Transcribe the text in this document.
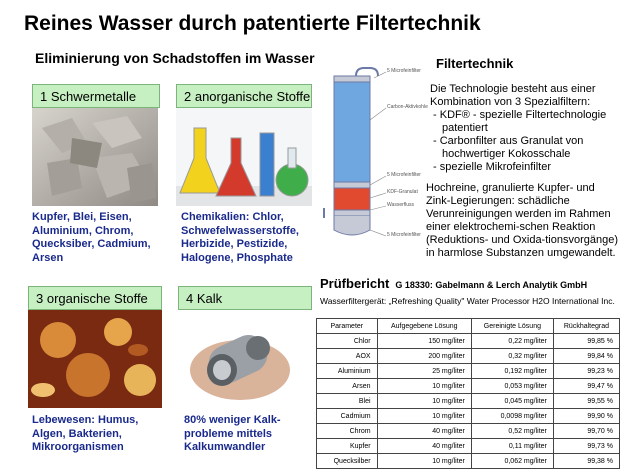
Reines Wasser durch patentierte Filtertechnik
Eliminierung von Schadstoffen im Wasser
1 Schwermetalle
Kupfer, Blei, Eisen, Aluminium, Chrom, Quecksiber, Cadmium, Arsen
2 anorganische Stoffe
Chemikalien: Chlor, Schwefelwasserstoffe, Herbizide, Pestizide, Halogene, Phosphate
3 organische Stoffe
Lebewesen: Humus, Algen, Bakterien, Mikroorganismen
4 Kalk
80% weniger Kalk-probleme mittels Kalkumwandler
5 Microfeinfilter
Carbon-Aktivkohle
5 Microfeinfilter
KDF-Granulat
Wasserfluss
5 Microfeinfilter
Filtertechnik
Die Technologie besteht aus einer Kombination von 3 Spezialfiltern:
- KDF® - spezielle Filtertechnologie patentiert
- Carbonfilter aus Granulat von hochwertiger Kokosschale
- spezielle Mikrofeinfilter
Hochreine, granulierte Kupfer- und Zink-Legierungen: schädliche Verunreinigungen werden im Rahmen einer elektrochemi-schen Reaktion (Reduktions- und Oxida-tionsvorgänge) in harmlose Substanzen umgewandelt.
Prüfbericht G 18330: Gabelmann & Lerch Analytik GmbH
Wasserfiltergerät: „Refreshing Quality" Water Processor H2O International Inc.
Parameter	Aufgegebene Lösung	Gereinigte Lösung	Rückhaltegrad
Chlor	150 mg/liter	0,22 mg/liter	99,85 %
AOX	200 mg/liter	0,32 mg/liter	99,84 %
Aluminium	25 mg/liter	0,192 mg/liter	99,23 %
Arsen	10 mg/liter	0,053 mg/liter	99,47 %
Blei	10 mg/liter	0,045 mg/liter	99,55 %
Cadmium	10 mg/liter	0,0098 mg/liter	99,90 %
Chrom	40 mg/liter	0,52 mg/liter	99,70 %
Kupfer	40 mg/liter	0,11 mg/liter	99,73 %
Quecksilber	10 mg/liter	0,062 mg/liter	99,38 %
